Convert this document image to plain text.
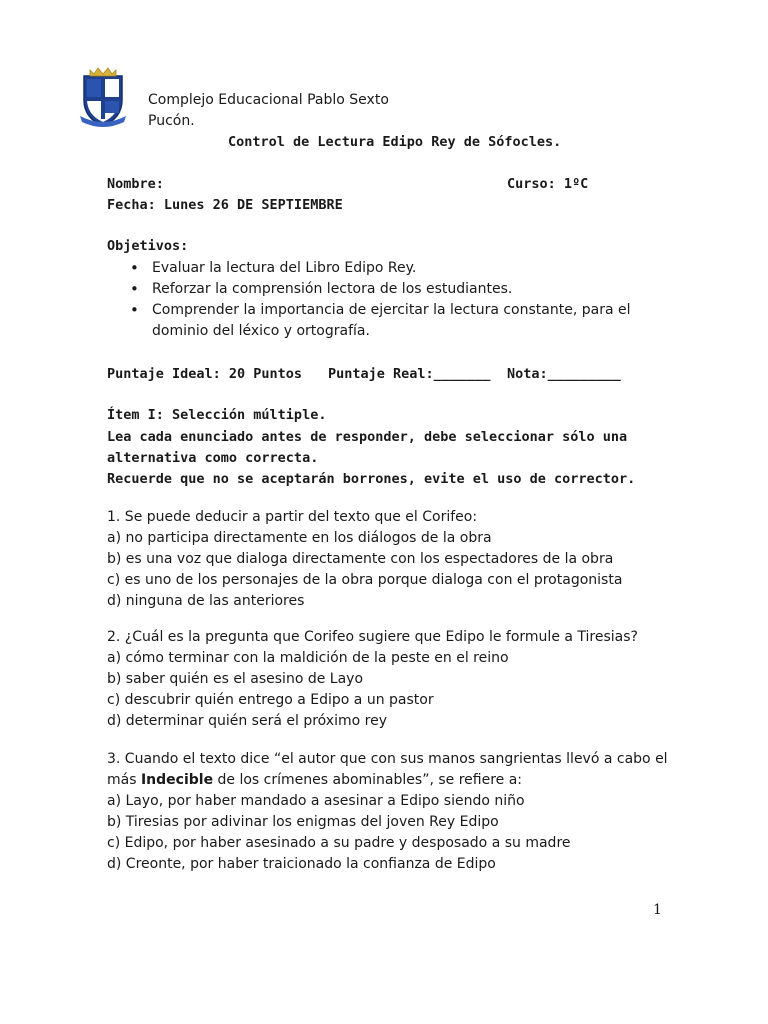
Complejo Educacional Pablo Sexto
Pucón.
Control de Lectura Edipo Rey de Sófocles.
Nombre:	Curso: 1ºC
Fecha: Lunes 26 DE SEPTIEMBRE
Objetivos:
• Evaluar la lectura del Libro Edipo Rey.
• Reforzar la comprensión lectora de los estudiantes.
• Comprender la importancia de ejercitar la lectura constante, para el dominio del léxico y ortografía.
Puntaje Ideal: 20 Puntos Puntaje Real:_______ Nota:_________
Ítem I: Selección múltiple.
Lea cada enunciado antes de responder, debe seleccionar sólo una
alternativa como correcta.
Recuerde que no se aceptarán borrones, evite el uso de corrector.
1. Se puede deducir a partir del texto que el Corifeo:
a) no participa directamente en los diálogos de la obra
b) es una voz que dialoga directamente con los espectadores de la obra
c) es uno de los personajes de la obra porque dialoga con el protagonista
d) ninguna de las anteriores
2. ¿Cuál es la pregunta que Corifeo sugiere que Edipo le formule a Tiresias?
a) cómo terminar con la maldición de la peste en el reino
b) saber quién es el asesino de Layo
c) descubrir quién entrego a Edipo a un pastor
d) determinar quién será el próximo rey
3. Cuando el texto dice “el autor que con sus manos sangrientas llevó a cabo el
más Indecible de los crímenes abominables”, se refiere a:
a) Layo, por haber mandado a asesinar a Edipo siendo niño
b) Tiresias por adivinar los enigmas del joven Rey Edipo
c) Edipo, por haber asesinado a su padre y desposado a su madre
d) Creonte, por haber traicionado la confianza de Edipo
1
